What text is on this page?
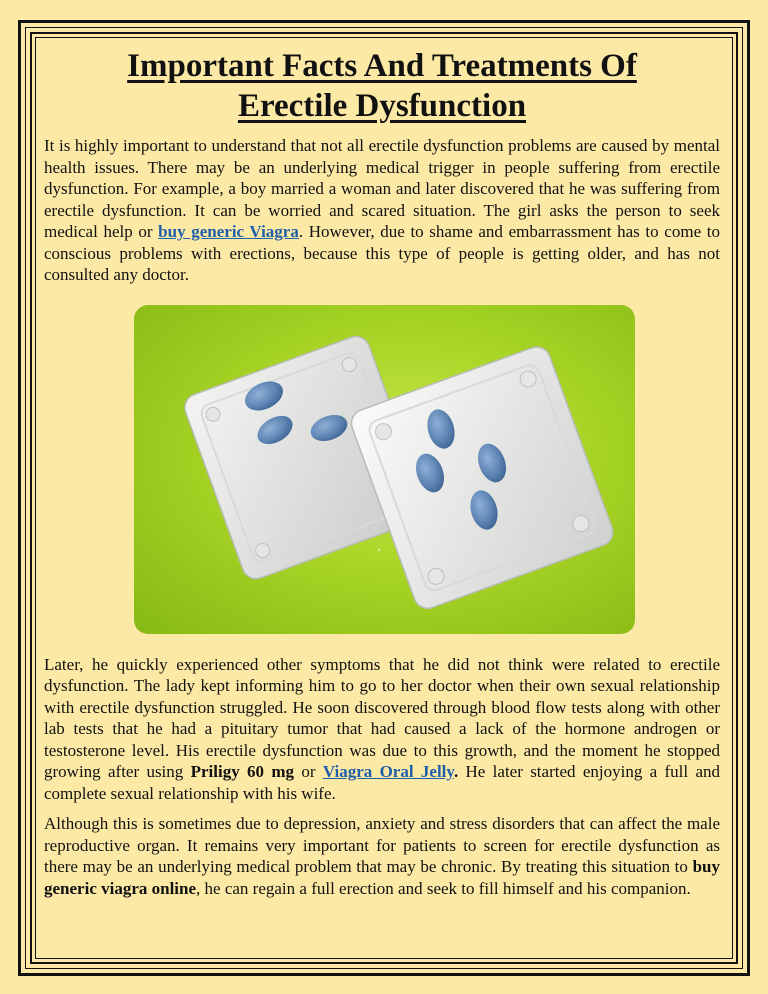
Important Facts And Treatments Of Erectile Dysfunction

It is highly important to understand that not all erectile dysfunction problems are caused by mental health issues. There may be an underlying medical trigger in people suffering from erectile dysfunction. For example, a boy married a woman and later discovered that he was suffering from erectile dysfunction. It can be worried and scared situation. The girl asks the person to seek medical help or buy generic Viagra. However, due to shame and embarrassment has to come to conscious problems with erections, because this type of people is getting older, and has not consulted any doctor.

Later, he quickly experienced other symptoms that he did not think were related to erectile dysfunction. The lady kept informing him to go to her doctor when their own sexual relationship with erectile dysfunction struggled. He soon discovered through blood flow tests along with other lab tests that he had a pituitary tumor that had caused a lack of the hormone androgen or testosterone level. His erectile dysfunction was due to this growth, and the moment he stopped growing after using Priligy 60 mg or Viagra Oral Jelly. He later started enjoying a full and complete sexual relationship with his wife.

Although this is sometimes due to depression, anxiety and stress disorders that can affect the male reproductive organ. It remains very important for patients to screen for erectile dysfunction as there may be an underlying medical problem that may be chronic. By treating this situation to buy generic viagra online, he can regain a full erection and seek to fill himself and his companion.
